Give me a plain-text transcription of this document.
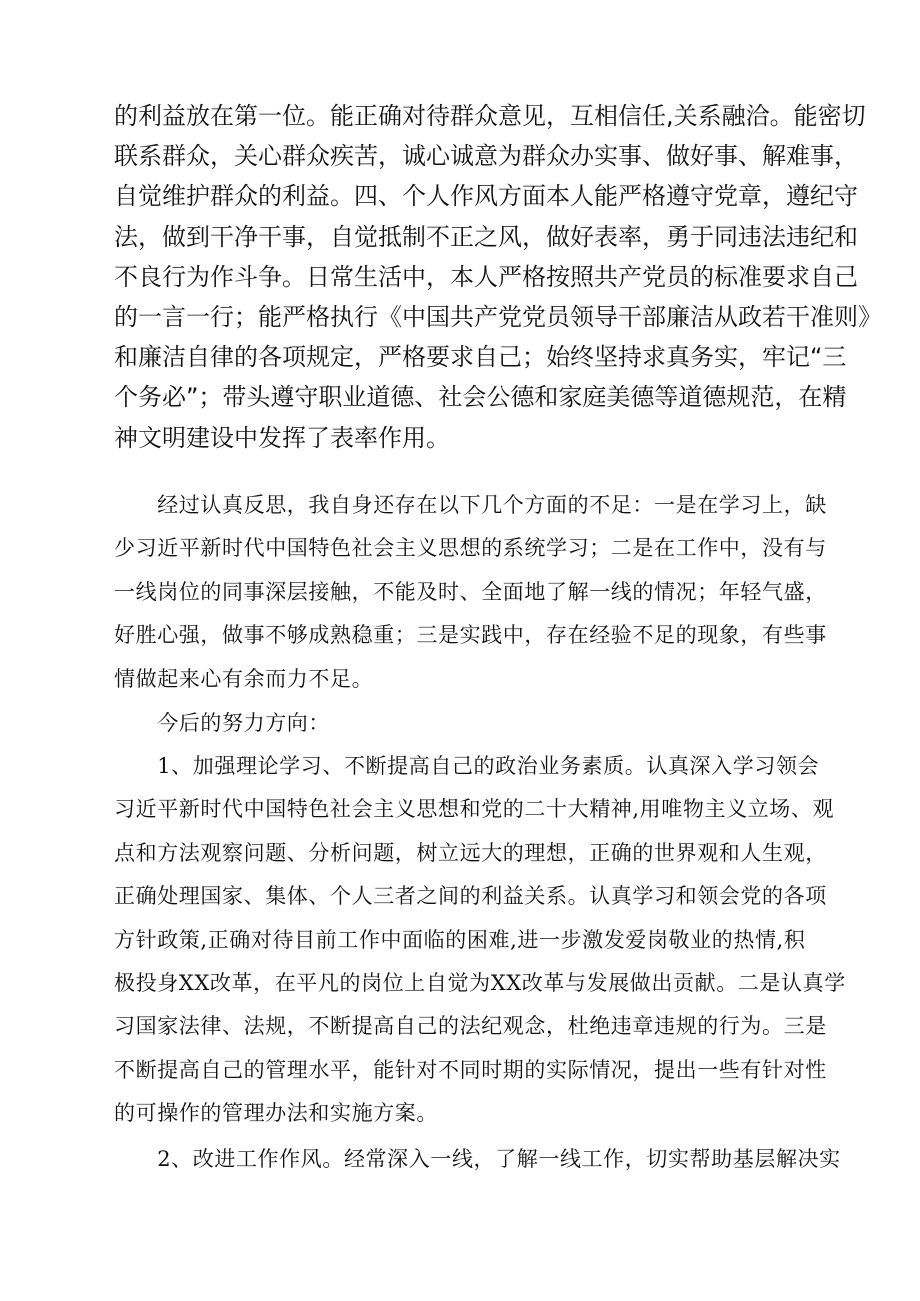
的利益放在第一位。能正确对待群众意见，互相信任,关系融洽。能密切
联系群众，关心群众疾苦，诚心诚意为群众办实事、做好事、解难事，
自觉维护群众的利益。四、个人作风方面本人能严格遵守党章，遵纪守
法，做到干净干事，自觉抵制不正之风，做好表率，勇于同违法违纪和
不良行为作斗争。日常生活中，本人严格按照共产党员的标准要求自己
的一言一行；能严格执行《中国共产党党员领导干部廉洁从政若干准则》
和廉洁自律的各项规定，严格要求自己；始终坚持求真务实，牢记“三
个务必”；带头遵守职业道德、社会公德和家庭美德等道德规范，在精
神文明建设中发挥了表率作用。
　　经过认真反思，我自身还存在以下几个方面的不足：一是在学习上，缺
少习近平新时代中国特色社会主义思想的系统学习；二是在工作中，没有与
一线岗位的同事深层接触，不能及时、全面地了解一线的情况；年轻气盛，
好胜心强，做事不够成熟稳重；三是实践中，存在经验不足的现象，有些事
情做起来心有余而力不足。
　　今后的努力方向：
　　1、加强理论学习、不断提高自己的政治业务素质。认真深入学习领会
习近平新时代中国特色社会主义思想和党的二十大精神,用唯物主义立场、观
点和方法观察问题、分析问题，树立远大的理想，正确的世界观和人生观，
正确处理国家、集体、个人三者之间的利益关系。认真学习和领会党的各项
方针政策,正确对待目前工作中面临的困难,进一步激发爱岗敬业的热情,积
极投身XX改革，在平凡的岗位上自觉为XX改革与发展做出贡献。二是认真学
习国家法律、法规，不断提高自己的法纪观念，杜绝违章违规的行为。三是
不断提高自己的管理水平，能针对不同时期的实际情况，提出一些有针对性
的可操作的管理办法和实施方案。
　　2、改进工作作风。经常深入一线，了解一线工作，切实帮助基层解决实
